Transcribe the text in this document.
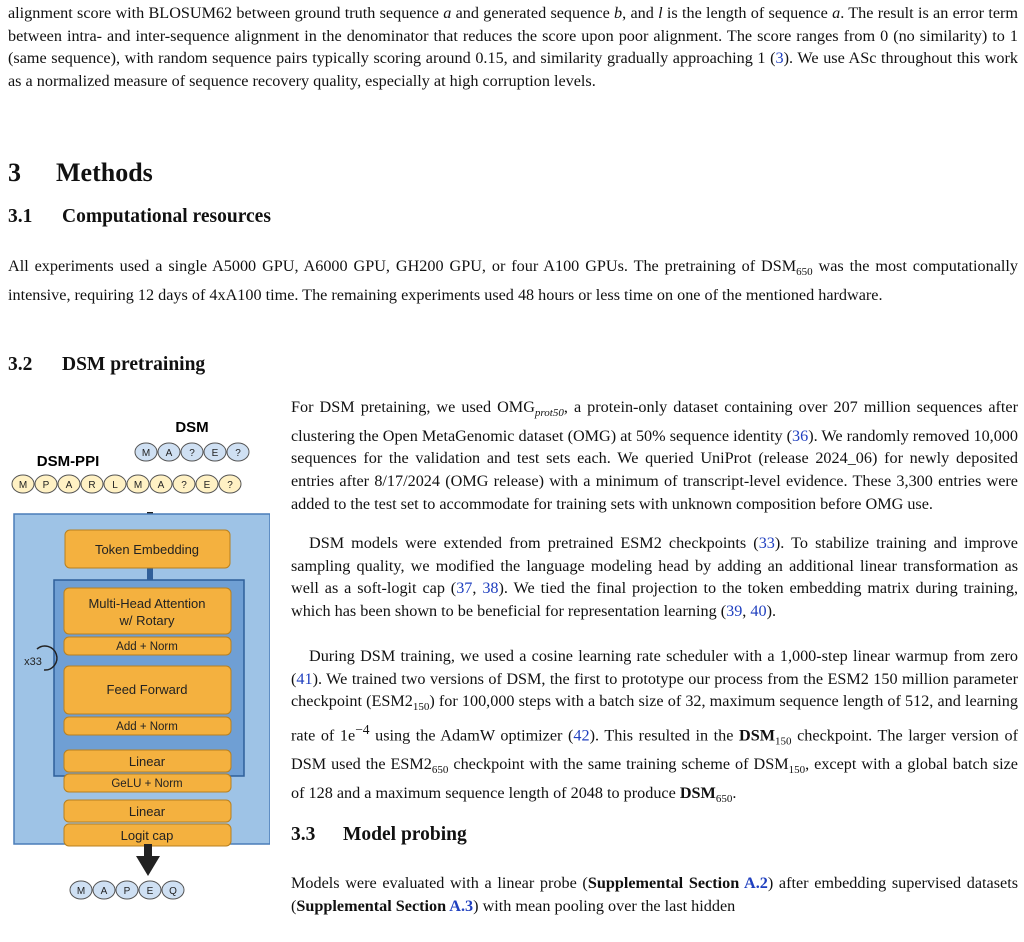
alignment score with BLOSUM62 between ground truth sequence a and generated sequence b, and l is the length of sequence a. The result is an error term between intra- and inter-sequence alignment in the denominator that reduces the score upon poor alignment. The score ranges from 0 (no similarity) to 1 (same sequence), with random sequence pairs typically scoring around 0.15, and similarity gradually approaching 1 (3). We use ASc throughout this work as a normalized measure of sequence recovery quality, especially at high corruption levels.

3 Methods
3.1 Computational resources

All experiments used a single A5000 GPU, A6000 GPU, GH200 GPU, or four A100 GPUs. The pretraining of $DSM_{650}$ was the most computationally intensive, requiring 12 days of 4xA100 time. The remaining experiments used 48 hours or less time on one of the mentioned hardware.

3.2 DSM pretraining

For DSM pretaining, we used $OMG_{prot50}$, a protein-only dataset containing over 207 million sequences after clustering the Open MetaGenomic dataset (OMG) at 50% sequence identity (36). We randomly removed 10,000 sequences for the validation and test sets each. We queried UniProt (release 2024_06) for newly deposited entries after 8/17/2024 (OMG release) with a minimum of transcript-level evidence. These 3,300 entries were added to the test set to accommodate for training sets with unknown composition before OMG use.

DSM models were extended from pretrained ESM2 checkpoints (33). To stabilize training and improve sampling quality, we modified the language modeling head by adding an additional linear transformation as well as a soft-logit cap (37, 38). We tied the final projection to the token embedding matrix during training, which has been shown to be beneficial for representation learning (39, 40).

During DSM training, we used a cosine learning rate scheduler with a 1,000-step linear warmup from zero (41). We trained two versions of DSM, the first to prototype our process from the ESM2 150 million parameter checkpoint $(ESM2_{150})$ for 100,000 steps with a batch size of 32, maximum sequence length of 512, and learning rate of $1e^{-4}$ using the AdamW optimizer (42). This resulted in the $DSM_{150}$ checkpoint. The larger version of DSM used the $ESM2_{650}$ checkpoint with the same training scheme of $DSM_{150}$, except with a global batch size of 128 and a maximum sequence length of 2048 to produce $DSM_{650}$.

3.3 Model probing

Models were evaluated with a linear probe (Supplemental Section A.2) after embedding supervised datasets (Supplemental Section A.3) with mean pooling over the last hidden

DSM
DSM-PPI	M A ? E ?
M P A R L M A ? E ?
Token Embedding
Multi-Head Attention
w/ Rotary
Add + Norm
Feed Forward
Add + Norm
x33
Linear
GeLU + Norm
Linear
Logit cap
M A P E Q
